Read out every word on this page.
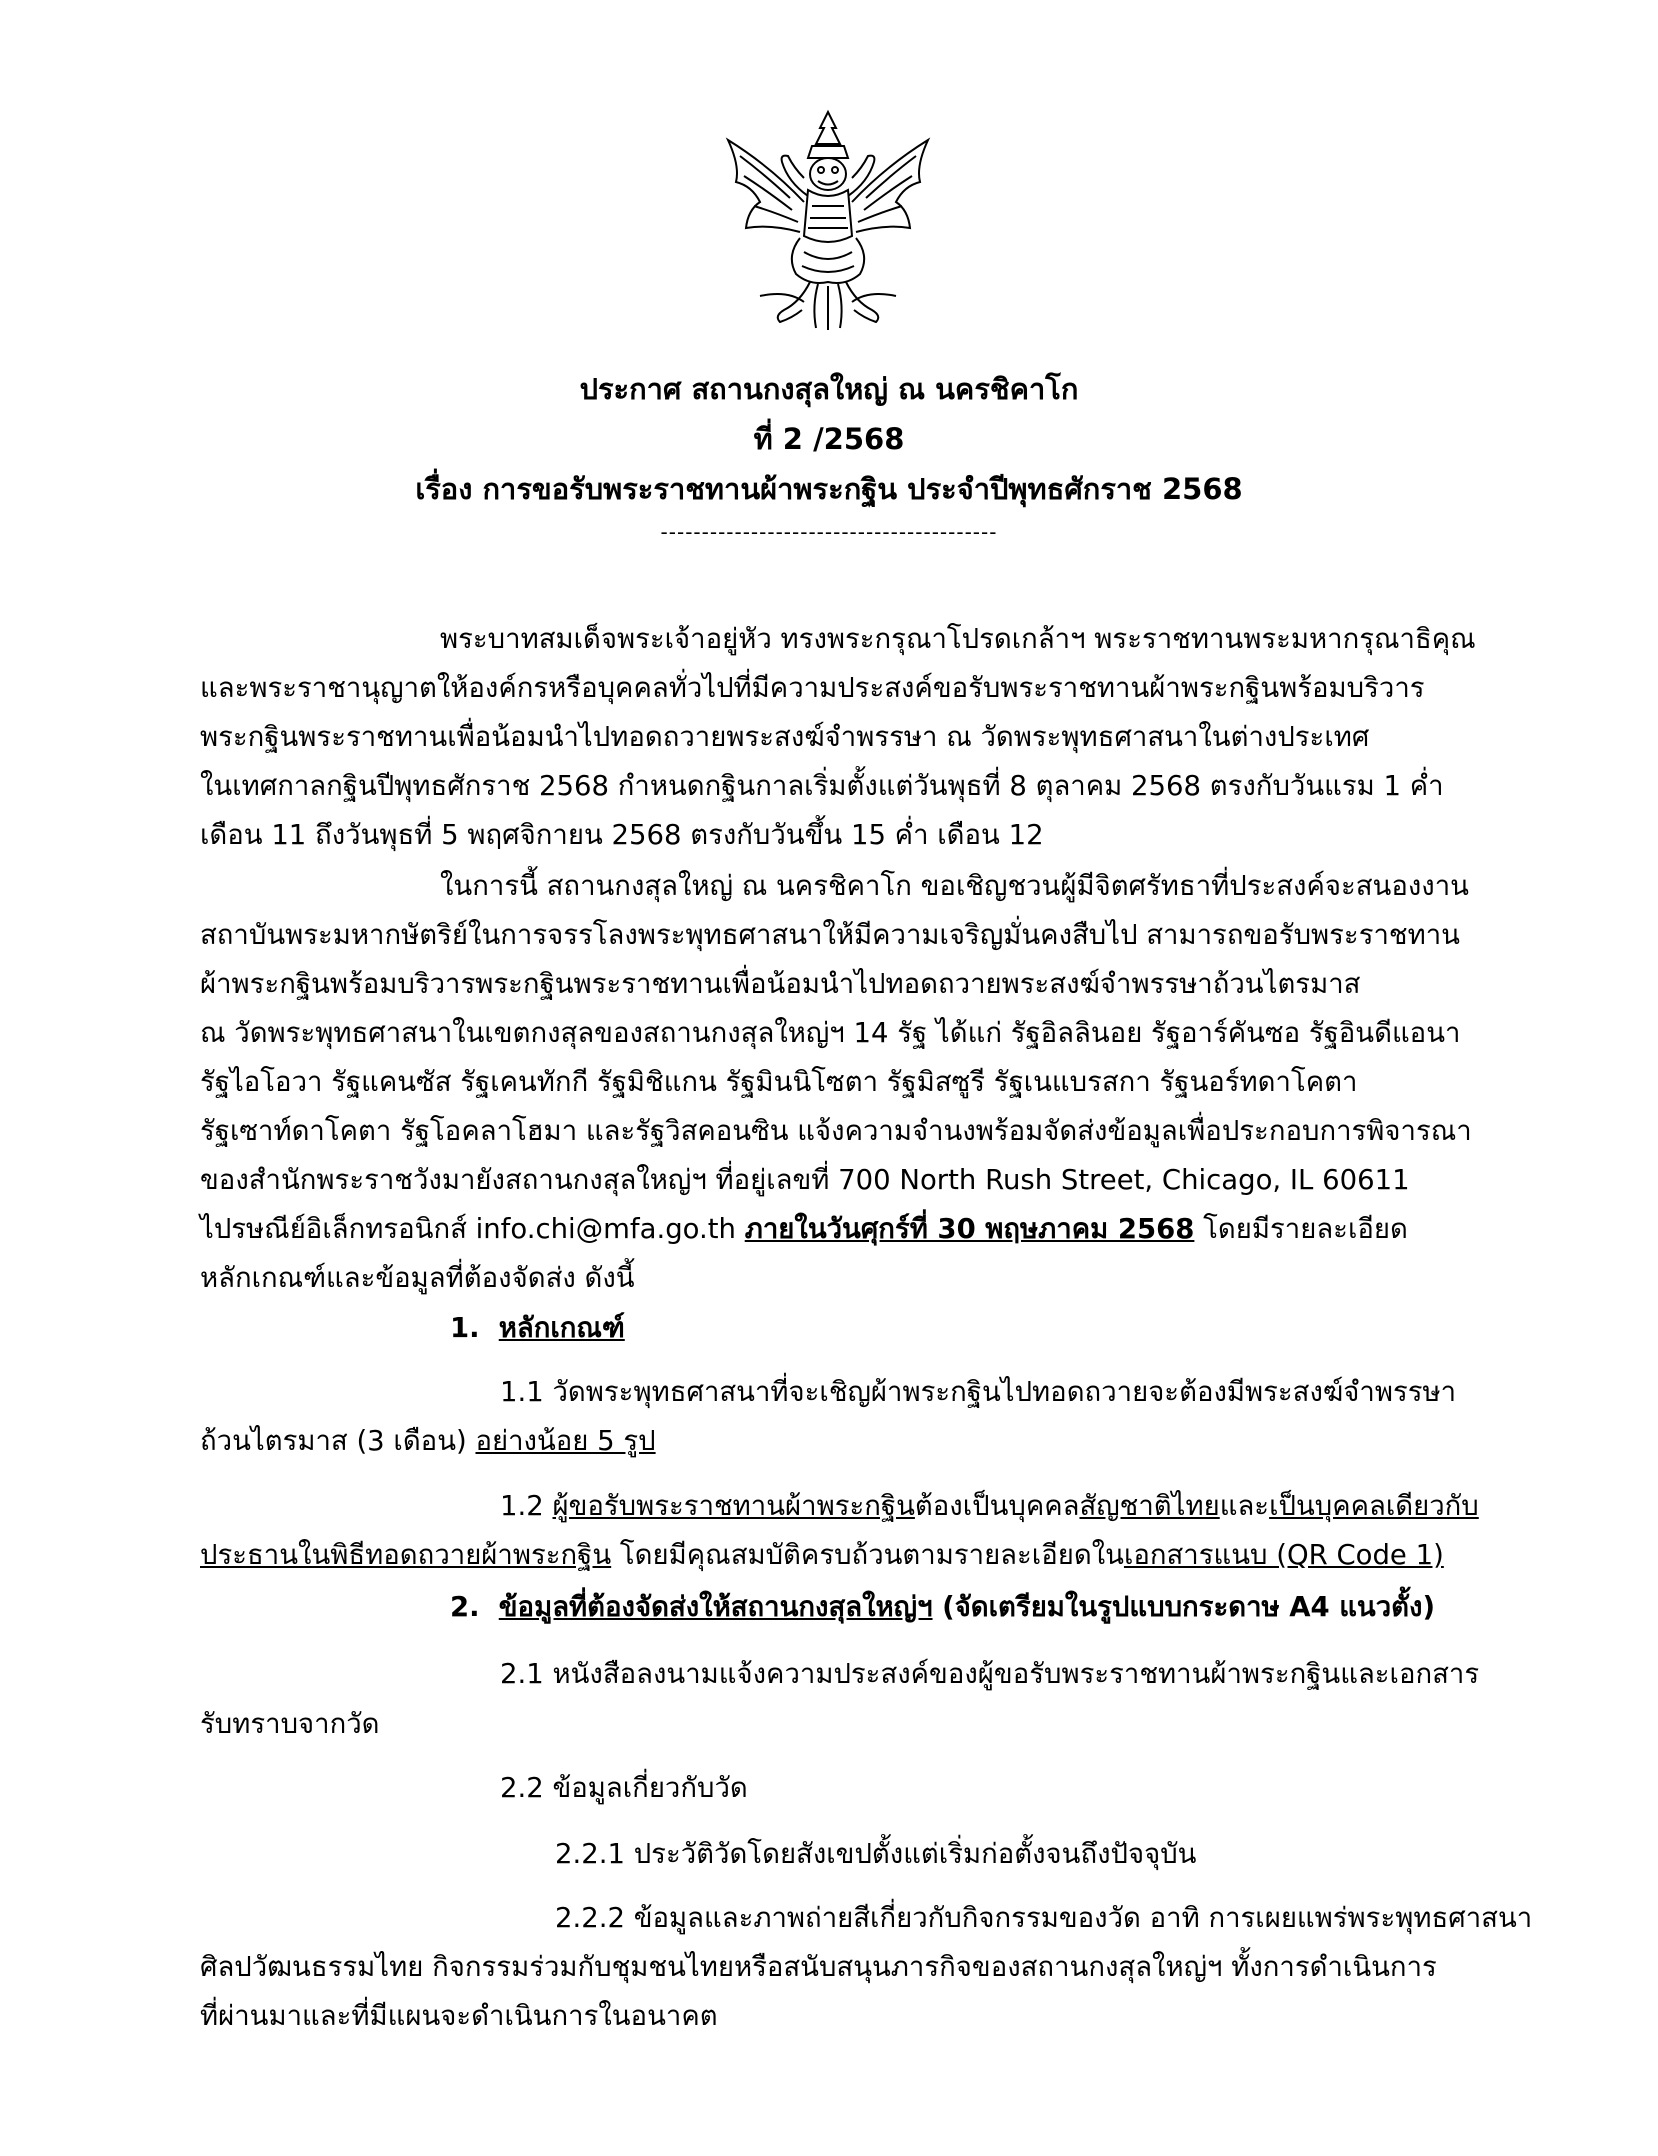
ประกาศ สถานกงสุลใหญ่ ณ นครชิคาโก
ที่ 2 /2568
เรื่อง การขอรับพระราชทานผ้าพระกฐิน ประจำปีพุทธศักราช 2568
-----------------------------------------
พระบาทสมเด็จพระเจ้าอยู่หัว ทรงพระกรุณาโปรดเกล้าฯ พระราชทานพระมหากรุณาธิคุณ
และพระราชานุญาตให้องค์กรหรือบุคคลทั่วไปที่มีความประสงค์ขอรับพระราชทานผ้าพระกฐินพร้อมบริวาร
พระกฐินพระราชทานเพื่อน้อมนำไปทอดถวายพระสงฆ์จำพรรษา ณ วัดพระพุทธศาสนาในต่างประเทศ
ในเทศกาลกฐินปีพุทธศักราช 2568 กำหนดกฐินกาลเริ่มตั้งแต่วันพุธที่ 8 ตุลาคม 2568 ตรงกับวันแรม 1 ค่ำ
เดือน 11 ถึงวันพุธที่ 5 พฤศจิกายน 2568 ตรงกับวันขึ้น 15 ค่ำ เดือน 12
ในการนี้ สถานกงสุลใหญ่ ณ นครชิคาโก ขอเชิญชวนผู้มีจิตศรัทธาที่ประสงค์จะสนองงาน
สถาบันพระมหากษัตริย์ในการจรรโลงพระพุทธศาสนาให้มีความเจริญมั่นคงสืบไป สามารถขอรับพระราชทาน
ผ้าพระกฐินพร้อมบริวารพระกฐินพระราชทานเพื่อน้อมนำไปทอดถวายพระสงฆ์จำพรรษาถ้วนไตรมาส
ณ วัดพระพุทธศาสนาในเขตกงสุลของสถานกงสุลใหญ่ฯ 14 รัฐ ได้แก่ รัฐอิลลินอย รัฐอาร์คันซอ รัฐอินดีแอนา
รัฐไอโอวา รัฐแคนซัส รัฐเคนทักกี รัฐมิชิแกน รัฐมินนิโซตา รัฐมิสซูรี รัฐเนแบรสกา รัฐนอร์ทดาโคตา
รัฐเซาท์ดาโคตา รัฐโอคลาโฮมา และรัฐวิสคอนซิน แจ้งความจำนงพร้อมจัดส่งข้อมูลเพื่อประกอบการพิจารณา
ของสำนักพระราชวังมายังสถานกงสุลใหญ่ฯ ที่อยู่เลขที่ 700 North Rush Street, Chicago, IL 60611
ไปรษณีย์อิเล็กทรอนิกส์ info.chi@mfa.go.th ภายในวันศุกร์ที่ 30 พฤษภาคม 2568 โดยมีรายละเอียด
หลักเกณฑ์และข้อมูลที่ต้องจัดส่ง ดังนี้
1. หลักเกณฑ์
1.1 วัดพระพุทธศาสนาที่จะเชิญผ้าพระกฐินไปทอดถวายจะต้องมีพระสงฆ์จำพรรษา
ถ้วนไตรมาส (3 เดือน) อย่างน้อย 5 รูป
1.2 ผู้ขอรับพระราชทานผ้าพระกฐินต้องเป็นบุคคลสัญชาติไทยและเป็นบุคคลเดียวกับ
ประธานในพิธีทอดถวายผ้าพระกฐิน โดยมีคุณสมบัติครบถ้วนตามรายละเอียดในเอกสารแนบ (QR Code 1)
2. ข้อมูลที่ต้องจัดส่งให้สถานกงสุลใหญ่ฯ (จัดเตรียมในรูปแบบกระดาษ A4 แนวตั้ง)
2.1 หนังสือลงนามแจ้งความประสงค์ของผู้ขอรับพระราชทานผ้าพระกฐินและเอกสาร
รับทราบจากวัด
2.2 ข้อมูลเกี่ยวกับวัด
2.2.1 ประวัติวัดโดยสังเขปตั้งแต่เริ่มก่อตั้งจนถึงปัจจุบัน
2.2.2 ข้อมูลและภาพถ่ายสีเกี่ยวกับกิจกรรมของวัด อาทิ การเผยแพร่พระพุทธศาสนา
ศิลปวัฒนธรรมไทย กิจกรรมร่วมกับชุมชนไทยหรือสนับสนุนภารกิจของสถานกงสุลใหญ่ฯ ทั้งการดำเนินการ
ที่ผ่านมาและที่มีแผนจะดำเนินการในอนาคต
